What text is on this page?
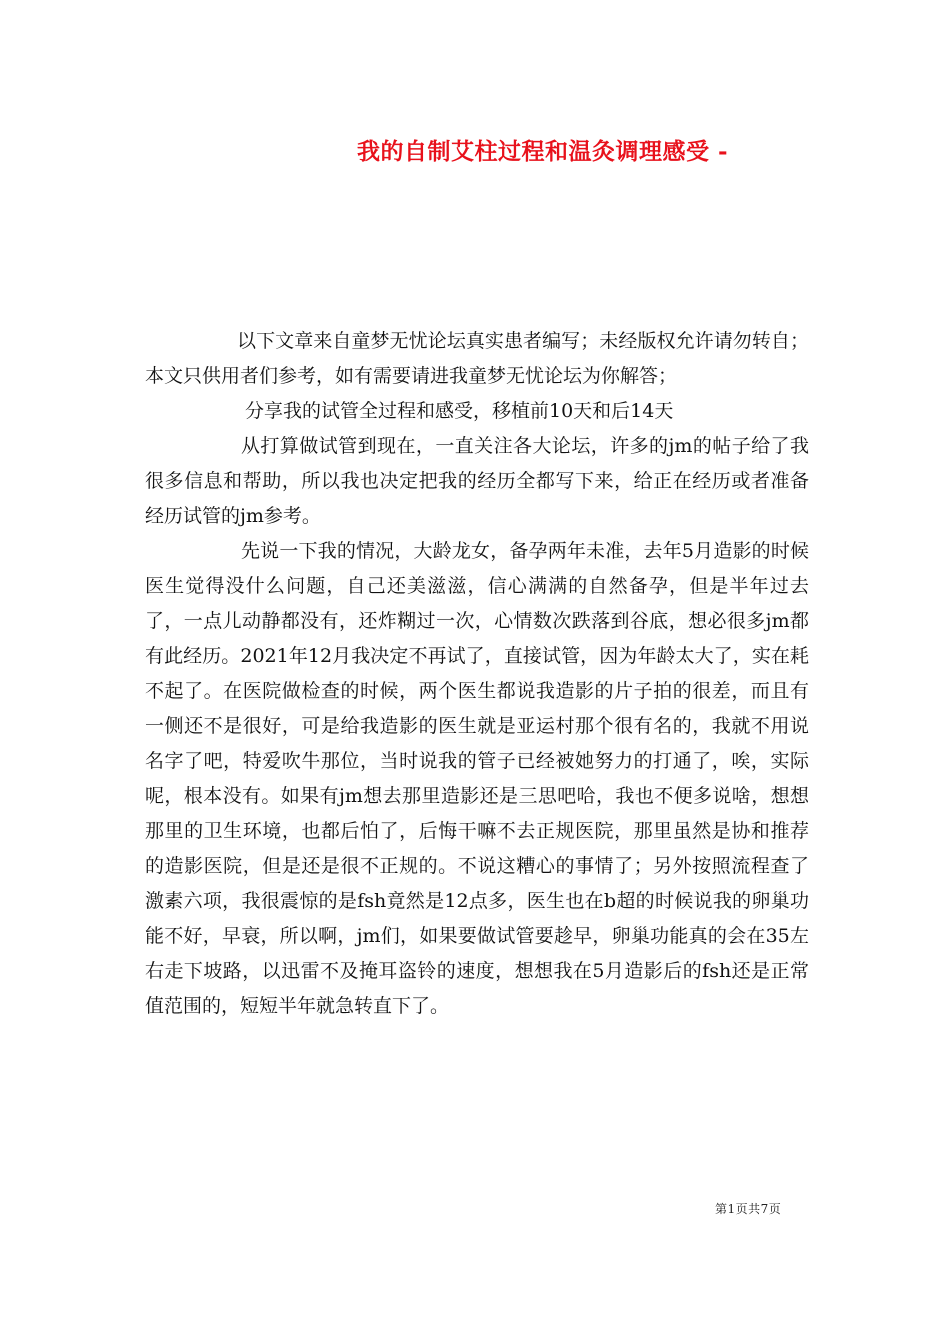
我的自制艾柱过程和温灸调理感受 -

以下文章来自童梦无忧论坛真实患者编写；未经版权允许请勿转自；本文只供用者们参考，如有需要请进我童梦无忧论坛为你解答；

分享我的试管全过程和感受，移植前10天和后14天

从打算做试管到现在，一直关注各大论坛，许多的jm的帖子给了我很多信息和帮助，所以我也决定把我的经历全都写下来，给正在经历或者准备经历试管的jm参考。

先说一下我的情况，大龄龙女，备孕两年未准，去年5月造影的时候医生觉得没什么问题，自己还美滋滋，信心满满的自然备孕，但是半年过去了，一点儿动静都没有，还炸糊过一次，心情数次跌落到谷底，想必很多jm都有此经历。2021年12月我决定不再试了，直接试管，因为年龄太大了，实在耗不起了。在医院做检查的时候，两个医生都说我造影的片子拍的很差，而且有一侧还不是很好，可是给我造影的医生就是亚运村那个很有名的，我就不用说名字了吧，特爱吹牛那位，当时说我的管子已经被她努力的打通了，唉，实际呢，根本没有。如果有jm想去那里造影还是三思吧哈，我也不便多说啥，想想那里的卫生环境，也都后怕了，后悔干嘛不去正规医院，那里虽然是协和推荐的造影医院，但是还是很不正规的。不说这糟心的事情了；另外按照流程查了激素六项，我很震惊的是fsh竟然是12点多，医生也在b超的时候说我的卵巢功能不好，早衰，所以啊，jm们，如果要做试管要趁早，卵巢功能真的会在35左右走下坡路，以迅雷不及掩耳盗铃的速度，想想我在5月造影后的fsh还是正常值范围的，短短半年就急转直下了。

第1页共7页
